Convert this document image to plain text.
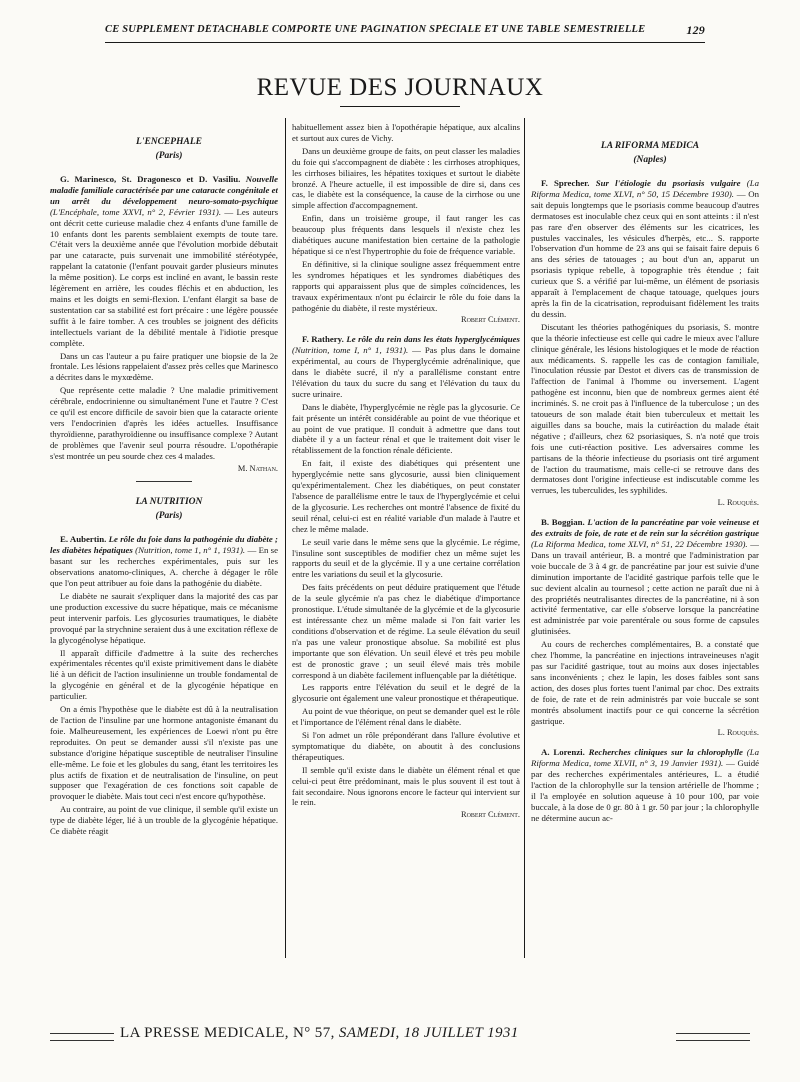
CE SUPPLÉMENT DÉTACHABLE COMPORTE UNE PAGINATION SPÉCIALE ET UNE TABLE SEMESTRIELLE	129
REVUE DES JOURNAUX

L'ENCEPHALE

(Paris)

G. Marinesco, St. Dragonesco et D. Vasiliu. Nouvelle maladie familiale caractérisée par une cataracte congénitale et un arrêt du développement neuro-somato-psychique (L'Encéphale, tome XXVI, n° 2, Février 1931). — Les auteurs ont décrit cette curieuse maladie chez 4 enfants d'une famille de 10 enfants dont les parents semblaient exempts de toute tare. C'était vers la deuxième année que l'évolution morbide débutait par une cataracte, puis survenait une immobilité stéréotypée, rappelant la catatonie (l'enfant pouvait garder plusieurs minutes la même position). Le corps est incliné en avant, le bassin reste légèrement en arrière, les coudes fléchis et en abduction, les mains et les doigts en semi-flexion. L'enfant élargit sa base de sustentation car sa stabilité est fort précaire : une légère poussée suffit à le faire tomber. A ces troubles se joignent des déficits intellectuels variant de la débilité mentale à l'idiotie presque complète.

Dans un cas l'auteur a pu faire pratiquer une biopsie de la 2e frontale. Les lésions rappelaient d'assez près celles que Marinesco a décrites dans le myxœdème.

Que représente cette maladie ? Une maladie primitivement cérébrale, endocrinienne ou simultanément l'une et l'autre ? C'est ce qu'il est encore difficile de savoir bien que la cataracte oriente vers l'endocrinien d'après les idées actuelles. Insuffisance thyroïdienne, parathyroïdienne ou insuffisance complexe ? Autant de problèmes que l'avenir seul pourra résoudre. L'opothérapie s'est montrée un peu sourde chez ces 4 malades.

M. Nathan.

LA NUTRITION

(Paris)

E. Aubertin. Le rôle du foie dans la pathogénie du diabète ; les diabètes hépatiques (Nutrition, tome 1, n° 1, 1931). — En se basant sur les recherches expérimentales, puis sur les observations anatomo-cliniques, A. cherche à dégager le rôle que l'on peut attribuer au foie dans la pathogénie du diabète.

Le diabète ne saurait s'expliquer dans la majorité des cas par une production excessive du sucre hépatique, mais ce mécanisme peut intervenir parfois. Les glycosuries traumatiques, le diabète provoqué par la strychnine seraient dus à une excitation réflexe de la glycogénolyse hépatique.

Il apparaît difficile d'admettre à la suite des recherches expérimentales récentes qu'il existe primitivement dans le diabète lié à un déficit de l'action insulinienne un trouble fondamental de la glycogénie en général et de la glycogénie hépatique en particulier.

On a émis l'hypothèse que le diabète est dû à la neutralisation de l'action de l'insuline par une hormone antagoniste émanant du foie. Malheureusement, les expériences de Loewi n'ont pu être reproduites. On peut se demander aussi s'il n'existe pas une substance d'origine hépatique susceptible de neutraliser l'insuline elle-même. Le foie et les globules du sang, étant les territoires les plus actifs de fixation et de neutralisation de l'insuline, on peut supposer que l'exagération de ces fonctions soit capable de provoquer le diabète. Mais tout ceci n'est encore qu'hypothèse.

Au contraire, au point de vue clinique, il semble qu'il existe un type de diabète léger, lié à un trouble de la glycogénie hépatique. Ce diabète réagit

habituellement assez bien à l'opothérapie hépatique, aux alcalins et surtout aux cures de Vichy.

Dans un deuxième groupe de faits, on peut classer les maladies du foie qui s'accompagnent de diabète : les cirrhoses atrophiques, les cirrhoses biliaires, les hépatites toxiques et surtout le diabète bronzé. A l'heure actuelle, il est impossible de dire si, dans ces cas, le diabète est la conséquence, la cause de la cirrhose ou une simple affection d'accompagnement.

Enfin, dans un troisième groupe, il faut ranger les cas beaucoup plus fréquents dans lesquels il n'existe chez les diabétiques aucune manifestation bien certaine de la pathologie hépatique si ce n'est l'hypertrophie du foie de fréquence variable.

En définitive, si la clinique souligne assez fréquemment entre les syndromes hépatiques et les syndromes diabétiques des rapports qui apparaissent plus que de simples coïncidences, les travaux expérimentaux n'ont pu éclaircir le rôle du foie dans la pathogénie du diabète, il reste mystérieux.

Robert Clément.

F. Rathery. Le rôle du rein dans les états hyperglycémiques (Nutrition, tome I, n° 1, 1931). — Pas plus dans le domaine expérimental, au cours de l'hyperglycémie adrénalinique, que dans le diabète sucré, il n'y a parallélisme constant entre l'élévation du taux du sucre du sang et l'élévation du taux du sucre urinaire.

Dans le diabète, l'hyperglycémie ne règle pas la glycosurie. Ce fait présente un intérêt considérable au point de vue théorique et au point de vue pratique. Il conduit à admettre que dans tout diabète il y a un facteur rénal et que le traitement doit viser le rétablissement de la fonction rénale déficiente.

En fait, il existe des diabétiques qui présentent une hyperglycémie nette sans glycosurie, aussi bien cliniquement qu'expérimentalement. Chez les diabétiques, on peut constater l'absence de parallélisme entre le taux de l'hyperglycémie et celui de la glycosurie. Les recherches ont montré l'absence de fixité du seuil rénal, celui-ci est en réalité variable d'un malade à l'autre et chez le même malade.

Le seuil varie dans le même sens que la glycémie. Le régime, l'insuline sont susceptibles de modifier chez un même sujet les rapports du seuil et de la glycémie. Il y a une certaine corrélation entre les variations du seuil et la glycosurie.

Des faits précédents on peut déduire pratiquement que l'étude de la seule glycémie n'a pas chez le diabétique d'importance pronostique. L'étude simultanée de la glycémie et de la glycosurie est intéressante chez un même malade si l'on fait varier les conditions d'observation et de régime. La seule élévation du seuil n'a pas une valeur pronostique absolue. Sa mobilité est plus importante que son élévation. Un seuil élevé et très peu mobile est de pronostic grave ; un seuil élevé mais très mobile correspond à un diabète facilement influençable par la diététique.

Les rapports entre l'élévation du seuil et le degré de la glycosurie ont également une valeur pronostique et thérapeutique.

Au point de vue théorique, on peut se demander quel est le rôle et l'importance de l'élément rénal dans le diabète.

Si l'on admet un rôle prépondérant dans l'allure évolutive et symptomatique du diabète, on aboutit à des conclusions thérapeutiques.

Il semble qu'il existe dans le diabète un élément rénal et que celui-ci peut être prédominant, mais le plus souvent il est tout à fait secondaire. Nous ignorons encore le facteur qui intervient sur le rein.

Robert Clément.

LA RIFORMA MEDICA

(Naples)

F. Sprecher. Sur l'étiologie du psoriasis vulgaire (La Riforma Medica, tome XLVI, n° 50, 15 Décembre 1930). — On sait depuis longtemps que le psoriasis comme beaucoup d'autres dermatoses est inoculable chez ceux qui en sont atteints : il n'est pas rare d'en observer des éléments sur les cicatrices, les pustules vaccinales, les vésicules d'herpès, etc... S. rapporte l'observation d'un homme de 23 ans qui se faisait faire depuis 6 ans des séries de tatouages ; au bout d'un an, apparut un psoriasis typique rebelle, à topographie très étendue ; fait curieux que S. a vérifié par lui-même, un élément de psoriasis apparaît à l'emplacement de chaque tatouage, quelques jours après la fin de la cicatrisation, reproduisant fidèlement les traits du dessin.

Discutant les théories pathogéniques du psoriasis, S. montre que la théorie infectieuse est celle qui cadre le mieux avec l'allure clinique générale, les lésions histologiques et le mode de réaction aux médicaments. S. rappelle les cas de contagion familiale, l'inoculation réussie par Destot et divers cas de transmission de l'affection de l'animal à l'homme ou inversement. L'agent pathogène est inconnu, bien que de nombreux germes aient été incriminés. S. ne croit pas à l'influence de la tuberculose ; un des tatoueurs de son malade était bien tuberculeux et mettait les aiguilles dans sa bouche, mais la cutiréaction du malade était négative ; d'ailleurs, chez 62 psoriasiques, S. n'a noté que trois fois une cuti-réaction positive. Les adversaires comme les partisans de la théorie infectieuse du psoriasis ont tiré argument de l'action du traumatisme, mais celle-ci se retrouve dans des dermatoses dont l'origine infectieuse est indiscutable comme les verrues, les tuberculides, les syphilides.

L. Rouquès.

B. Boggian. L'action de la pancréatine par voie veineuse et des extraits de foie, de rate et de rein sur la sécrétion gastrique (La Riforma Medica, tome XLVI, n° 51, 22 Décembre 1930). — Dans un travail antérieur, B. a montré que l'administration par voie buccale de 3 à 4 gr. de pancréatine par jour est suivie d'une diminution importante de l'acidité gastrique parfois telle que le suc devient alcalin au tournesol ; cette action ne paraît due ni à des propriétés neutralisantes directes de la pancréatine, ni à son activité fermentative, car elle s'observe lorsque la pancréatine est administrée par voie parentérale ou sous forme de capsules glutinisées.

Au cours de recherches complémentaires, B. a constaté que chez l'homme, la pancréatine en injections intraveineuses n'agit pas sur l'acidité gastrique, tout au moins aux doses injectables sans inconvénients ; chez le lapin, les doses faibles sont sans action, des doses plus fortes tuent l'animal par choc. Des extraits de foie, de rate et de rein administrés par voie buccale se sont montrés absolument inactifs pour ce qui concerne la sécrétion gastrique.

L. Rouquès.

A. Lorenzi. Recherches cliniques sur la chlorophylle (La Riforma Medica, tome XLVII, n° 3, 19 Janvier 1931). — Guidé par des recherches expérimentales antérieures, L. a étudié l'action de la chlorophylle sur la tension artérielle de l'homme ; il l'a employée en solution aqueuse à 10 pour 100, par voie buccale, à la dose de 0 gr. 80 à 1 gr. 50 par jour ; la chlorophylle ne détermine aucun ac-

LA PRESSE MEDICALE, N° 57, SAMEDI, 18 JUILLET 1931
